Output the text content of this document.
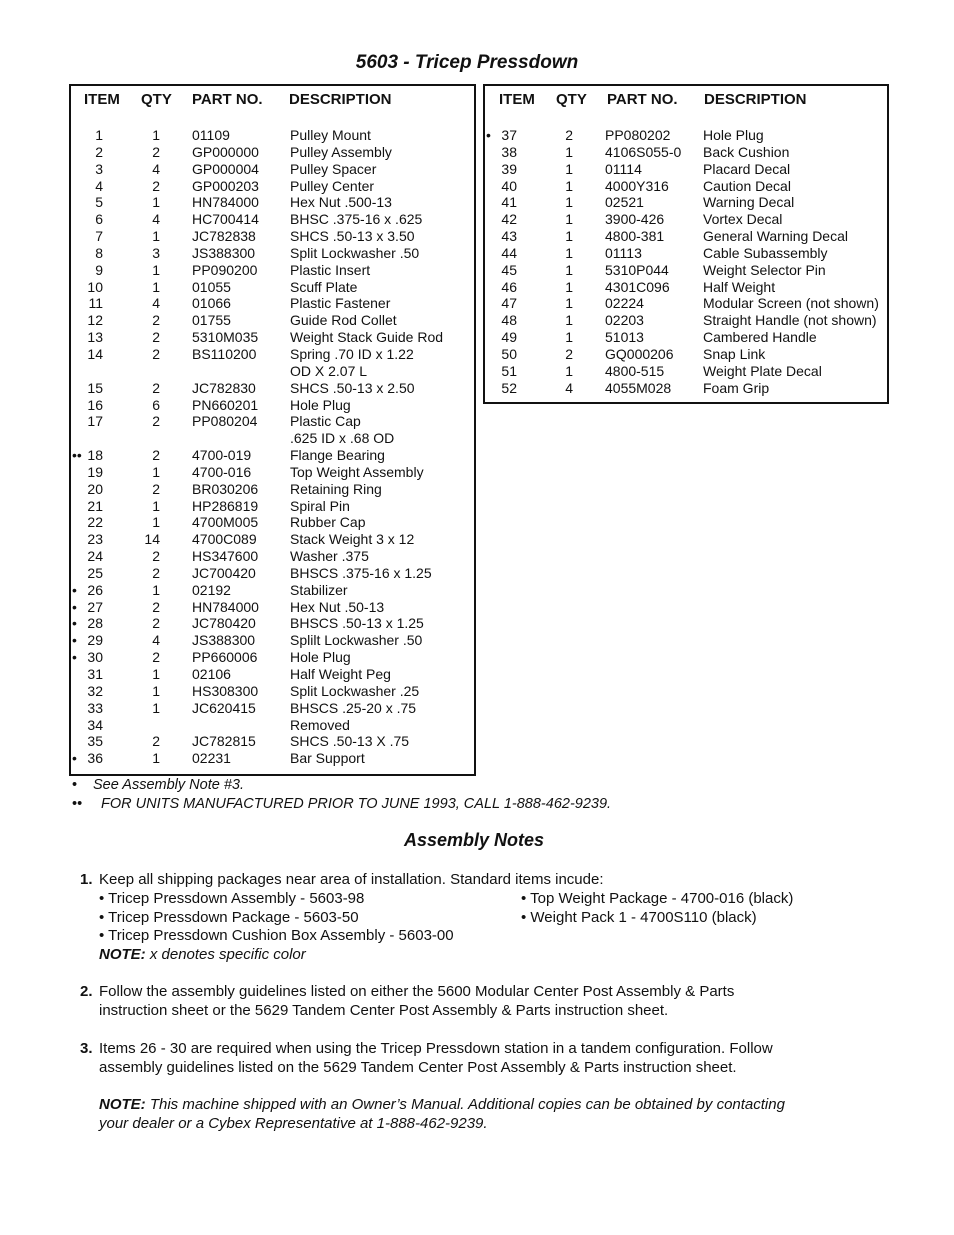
5603 - Tricep Pressdown
ITEM QTY PART NO. DESCRIPTION
1	1 01109	Pulley Mount
2	2 GP000000 Pulley Assembly
3	4 GP000004 Pulley Spacer
4	2 GP000203 Pulley Center
5	1 HN784000 Hex Nut .500-13
6	4 HC700414 BHSC .375-16 x .625
7	1 JC782838 SHCS .50-13 x 3.50
8	3 JS388300 Split Lockwasher .50
9	1 PP090200 Plastic Insert
10	1 01055	Scuff Plate
11	4 01066	Plastic Fastener
12	2 01755	Guide Rod Collet
13	2 5310M035 Weight Stack Guide Rod
14	2 BS110200 Spring .70 ID x 1.22
OD X 2.07 L
15	2 JC782830 SHCS .50-13 x 2.50
16	6 PN660201 Hole Plug
17	2 PP080204 Plastic Cap
.625 ID x .68 OD
•• 18	2 4700-019	Flange Bearing
19	1 4700-016	Top Weight Assembly
20	2 BR030206 Retaining Ring
21	1 HP286819 Spiral Pin
22	1 4700M005 Rubber Cap
23	14 4700C089 Stack Weight 3 x 12
24	2 HS347600 Washer .375
25	2 JC700420 BHSCS .375-16 x 1.25
• 26	1 02192	Stabilizer
• 27	2 HN784000 Hex Nut .50-13
• 28	2 JC780420 BHSCS .50-13 x 1.25
• 29	4 JS388300 Splilt Lockwasher .50
• 30	2 PP660006 Hole Plug
31	1 02106	Half Weight Peg
32	1 HS308300 Split Lockwasher .25
33	1 JC620415 BHSCS .25-20 x .75
34	Removed
35	2 JC782815 SHCS .50-13 X .75
• 36	1 02231	Bar Support
ITEM QTY PART NO. DESCRIPTION
• 37	2 PP080202 Hole Plug
38	1 4106S055-0 Back Cushion
39	1 01114	Placard Decal
40	1 4000Y316 Caution Decal
41	1 02521	Warning Decal
42	1 3900-426	Vortex Decal
43	1 4800-381	General Warning Decal
44	1 01113	Cable Subassembly
45	1 5310P044 Weight Selector Pin
46	1 4301C096 Half Weight
47	1 02224	Modular Screen (not shown)
48	1 02203	Straight Handle (not shown)
49	1 51013	Cambered Handle
50	2 GQ000206 Snap Link
51	1 4800-515	Weight Plate Decal
52	4 4055M028 Foam Grip
• See Assembly Note #3.
•• FOR UNITS MANUFACTURED PRIOR TO JUNE 1993, CALL 1-888-462-9239.
Assembly Notes
1. Keep all shipping packages near area of installation. Standard items incude:
• Tricep Pressdown Assembly - 5603-98
• Tricep Pressdown Package - 5603-50
• Tricep Pressdown Cushion Box Assembly - 5603-00
• Top Weight Package - 4700-016 (black)
• Weight Pack 1 - 4700S110 (black)
NOTE: x denotes specific color
2. Follow the assembly guidelines listed on either the 5600 Modular Center Post Assembly & Parts
instruction sheet or the 5629 Tandem Center Post Assembly & Parts instruction sheet.
3. Items 26 - 30 are required when using the Tricep Pressdown station in a tandem configuration. Follow
assembly guidelines listed on the 5629 Tandem Center Post Assembly & Parts instruction sheet.
NOTE: This machine shipped with an Owner’s Manual. Additional copies can be obtained by contacting
your dealer or a Cybex Representative at 1-888-462-9239.
